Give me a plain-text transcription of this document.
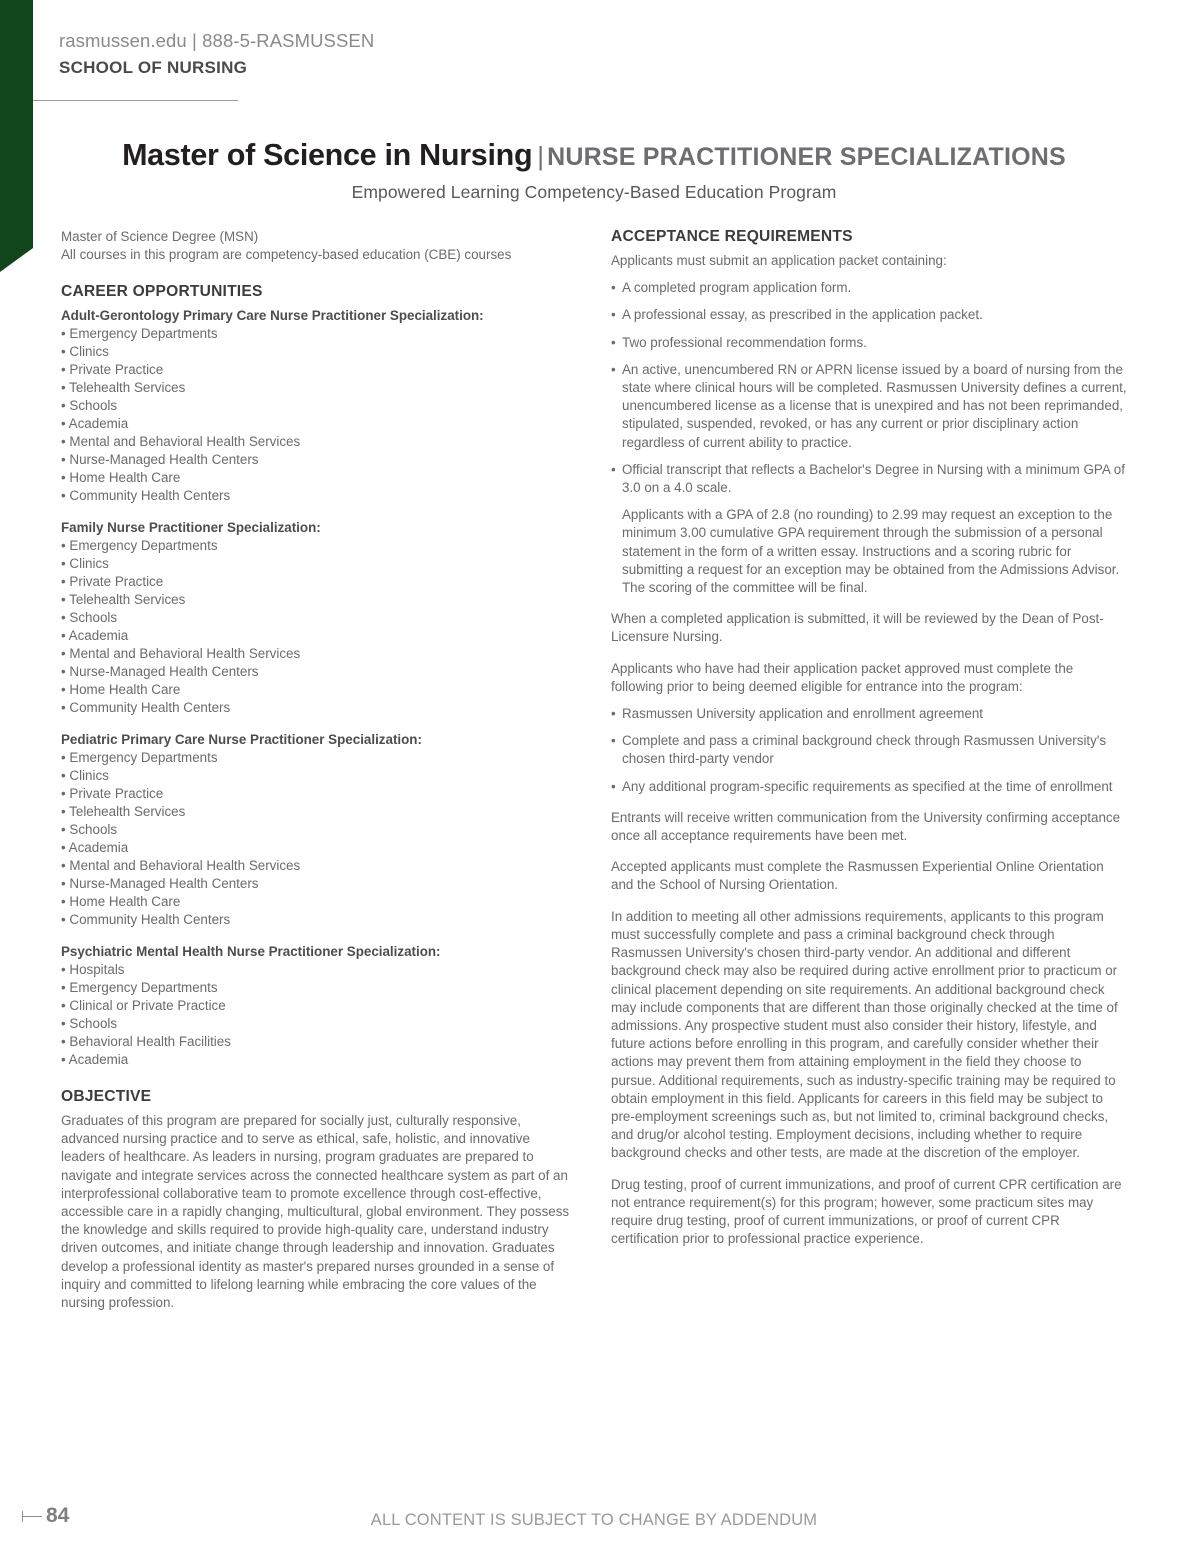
rasmussen.edu | 888-5-RASMUSSEN
SCHOOL OF NURSING
Master of Science in Nursing | NURSE PRACTITIONER SPECIALIZATIONS
Empowered Learning Competency-Based Education Program
Master of Science Degree (MSN)
All courses in this program are competency-based education (CBE) courses
CAREER OPPORTUNITIES
Adult-Gerontology Primary Care Nurse Practitioner Specialization:
• Emergency Departments
• Clinics
• Private Practice
• Telehealth Services
• Schools
• Academia
• Mental and Behavioral Health Services
• Nurse-Managed Health Centers
• Home Health Care
• Community Health Centers
Family Nurse Practitioner Specialization:
• Emergency Departments
• Clinics
• Private Practice
• Telehealth Services
• Schools
• Academia
• Mental and Behavioral Health Services
• Nurse-Managed Health Centers
• Home Health Care
• Community Health Centers
Pediatric Primary Care Nurse Practitioner Specialization:
• Emergency Departments
• Clinics
• Private Practice
• Telehealth Services
• Schools
• Academia
• Mental and Behavioral Health Services
• Nurse-Managed Health Centers
• Home Health Care
• Community Health Centers
Psychiatric Mental Health Nurse Practitioner Specialization:
• Hospitals
• Emergency Departments
• Clinical or Private Practice
• Schools
• Behavioral Health Facilities
• Academia
OBJECTIVE

Graduates of this program are prepared for socially just, culturally responsive, advanced nursing practice and to serve as ethical, safe, holistic, and innovative leaders of healthcare. As leaders in nursing, program graduates are prepared to navigate and integrate services across the connected healthcare system as part of an interprofessional collaborative team to promote excellence through cost-effective, accessible care in a rapidly changing, multicultural, global environment. They possess the knowledge and skills required to provide high-quality care, understand industry driven outcomes, and initiate change through leadership and innovation. Graduates develop a professional identity as master's prepared nurses grounded in a sense of inquiry and committed to lifelong learning while embracing the core values of the nursing profession.

ACCEPTANCE REQUIREMENTS

Applicants must submit an application packet containing:

• A completed program application form.
• A professional essay, as prescribed in the application packet.
• Two professional recommendation forms.
• An active, unencumbered RN or APRN license issued by a board of nursing from the state where clinical hours will be completed. Rasmussen University defines a current, unencumbered license as a license that is unexpired and has not been reprimanded, stipulated, suspended, revoked, or has any current or prior disciplinary action regardless of current ability to practice.
• Official transcript that reflects a Bachelor's Degree in Nursing with a minimum GPA of 3.0 on a 4.0 scale.

Applicants with a GPA of 2.8 (no rounding) to 2.99 may request an exception to the minimum 3.00 cumulative GPA requirement through the submission of a personal statement in the form of a written essay. Instructions and a scoring rubric for submitting a request for an exception may be obtained from the Admissions Advisor. The scoring of the committee will be final.

When a completed application is submitted, it will be reviewed by the Dean of Post-Licensure Nursing.

Applicants who have had their application packet approved must complete the following prior to being deemed eligible for entrance into the program:

• Rasmussen University application and enrollment agreement
• Complete and pass a criminal background check through Rasmussen University's chosen third-party vendor
• Any additional program-specific requirements as specified at the time of enrollment

Entrants will receive written communication from the University confirming acceptance once all acceptance requirements have been met.

Accepted applicants must complete the Rasmussen Experiential Online Orientation and the School of Nursing Orientation.

In addition to meeting all other admissions requirements, applicants to this program must successfully complete and pass a criminal background check through Rasmussen University's chosen third-party vendor. An additional and different background check may also be required during active enrollment prior to practicum or clinical placement depending on site requirements. An additional background check may include components that are different than those originally checked at the time of admissions. Any prospective student must also consider their history, lifestyle, and future actions before enrolling in this program, and carefully consider whether their actions may prevent them from attaining employment in the field they choose to pursue. Additional requirements, such as industry-specific training may be required to obtain employment in this field. Applicants for careers in this field may be subject to pre-employment screenings such as, but not limited to, criminal background checks, and drug/or alcohol testing. Employment decisions, including whether to require background checks and other tests, are made at the discretion of the employer.

Drug testing, proof of current immunizations, and proof of current CPR certification are not entrance requirement(s) for this program; however, some practicum sites may require drug testing, proof of current immunizations, or proof of current CPR certification prior to professional practice experience.

84	ALL CONTENT IS SUBJECT TO CHANGE BY ADDENDUM
